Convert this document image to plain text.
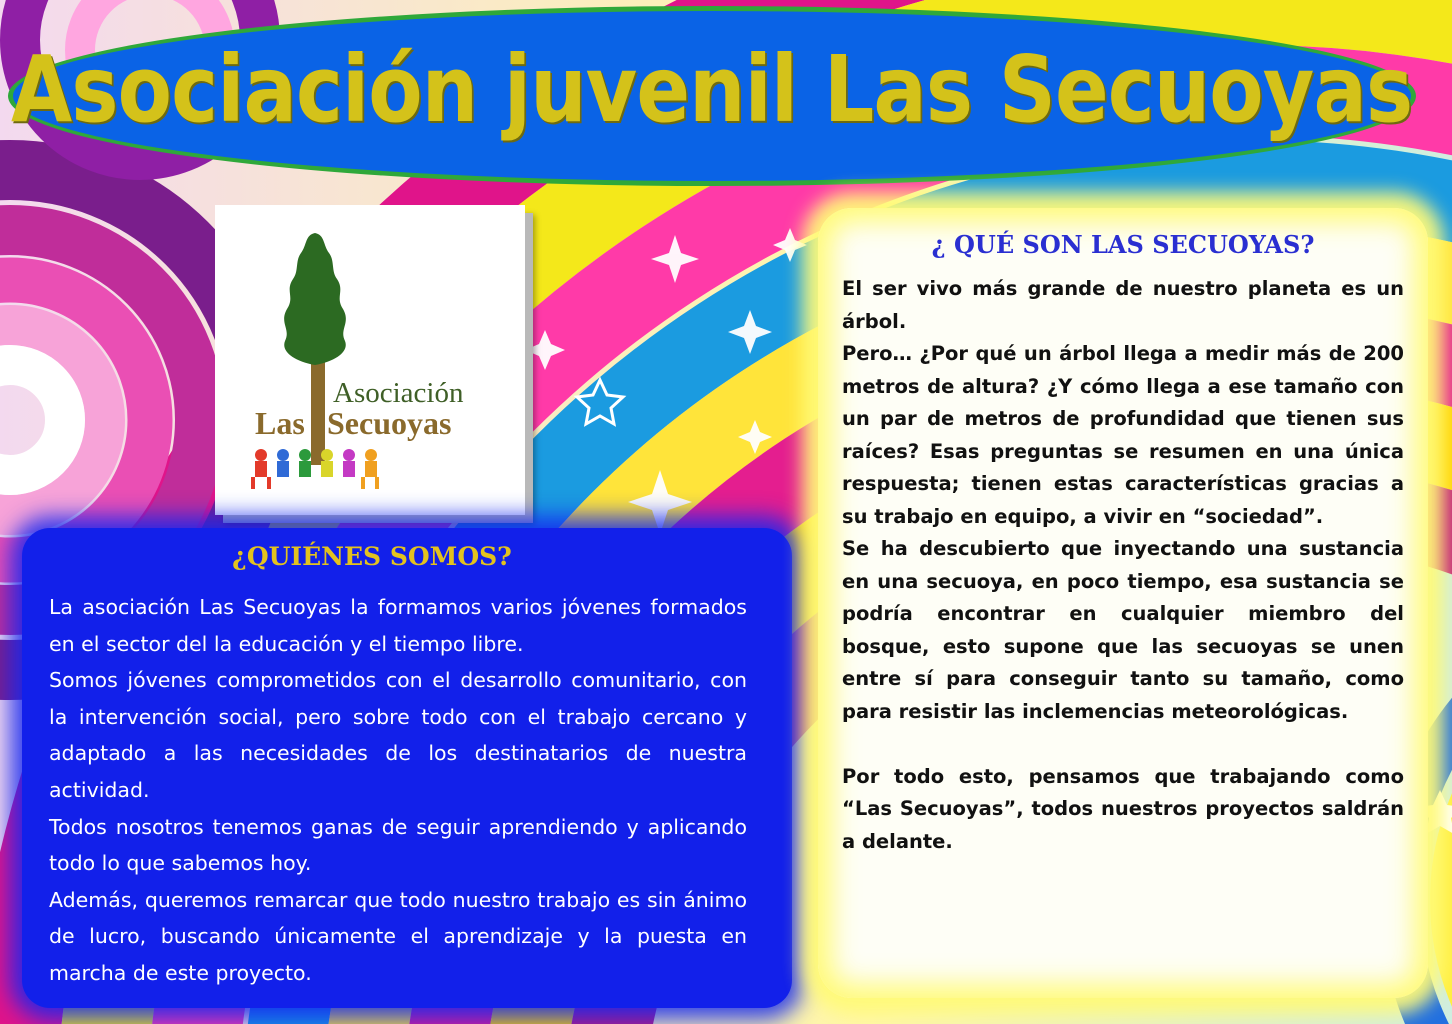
Asociación juvenil Las Secuoyas
Asociación
Las Secuoyas
¿QUIÉNES SOMOS?

La asociación Las Secuoyas la formamos varios jóvenes formados en el sector del la educación y el tiempo libre.

Somos jóvenes comprometidos con el desarrollo comunitario, con la intervención social, pero sobre todo con el trabajo cercano y adaptado a las necesidades de los destinatarios de nuestra actividad.

Todos nosotros tenemos ganas de seguir aprendiendo y aplicando todo lo que sabemos hoy.

Además, queremos remarcar que todo nuestro trabajo es sin ánimo de lucro, buscando únicamente el aprendizaje y la puesta en marcha de este proyecto.

¿ QUÉ SON LAS SECUOYAS?

El ser vivo más grande de nuestro planeta es un árbol.

Pero… ¿Por qué un árbol llega a medir más de 200 metros de altura? ¿Y cómo llega a ese tamaño con un par de metros de profundidad que tienen sus raíces? Esas preguntas se resumen en una única respuesta; tienen estas características gracias a su trabajo en equipo, a vivir en “sociedad”.

Se ha descubierto que inyectando una sustancia en una secuoya, en poco tiempo, esa sustancia se podría encontrar en cualquier miembro del bosque, esto supone que las secuoyas se unen entre sí para conseguir tanto su tamaño, como para resistir las inclemencias meteorológicas.

Por todo esto, pensamos que trabajando como “Las Secuoyas”, todos nuestros proyectos saldrán a delante.
